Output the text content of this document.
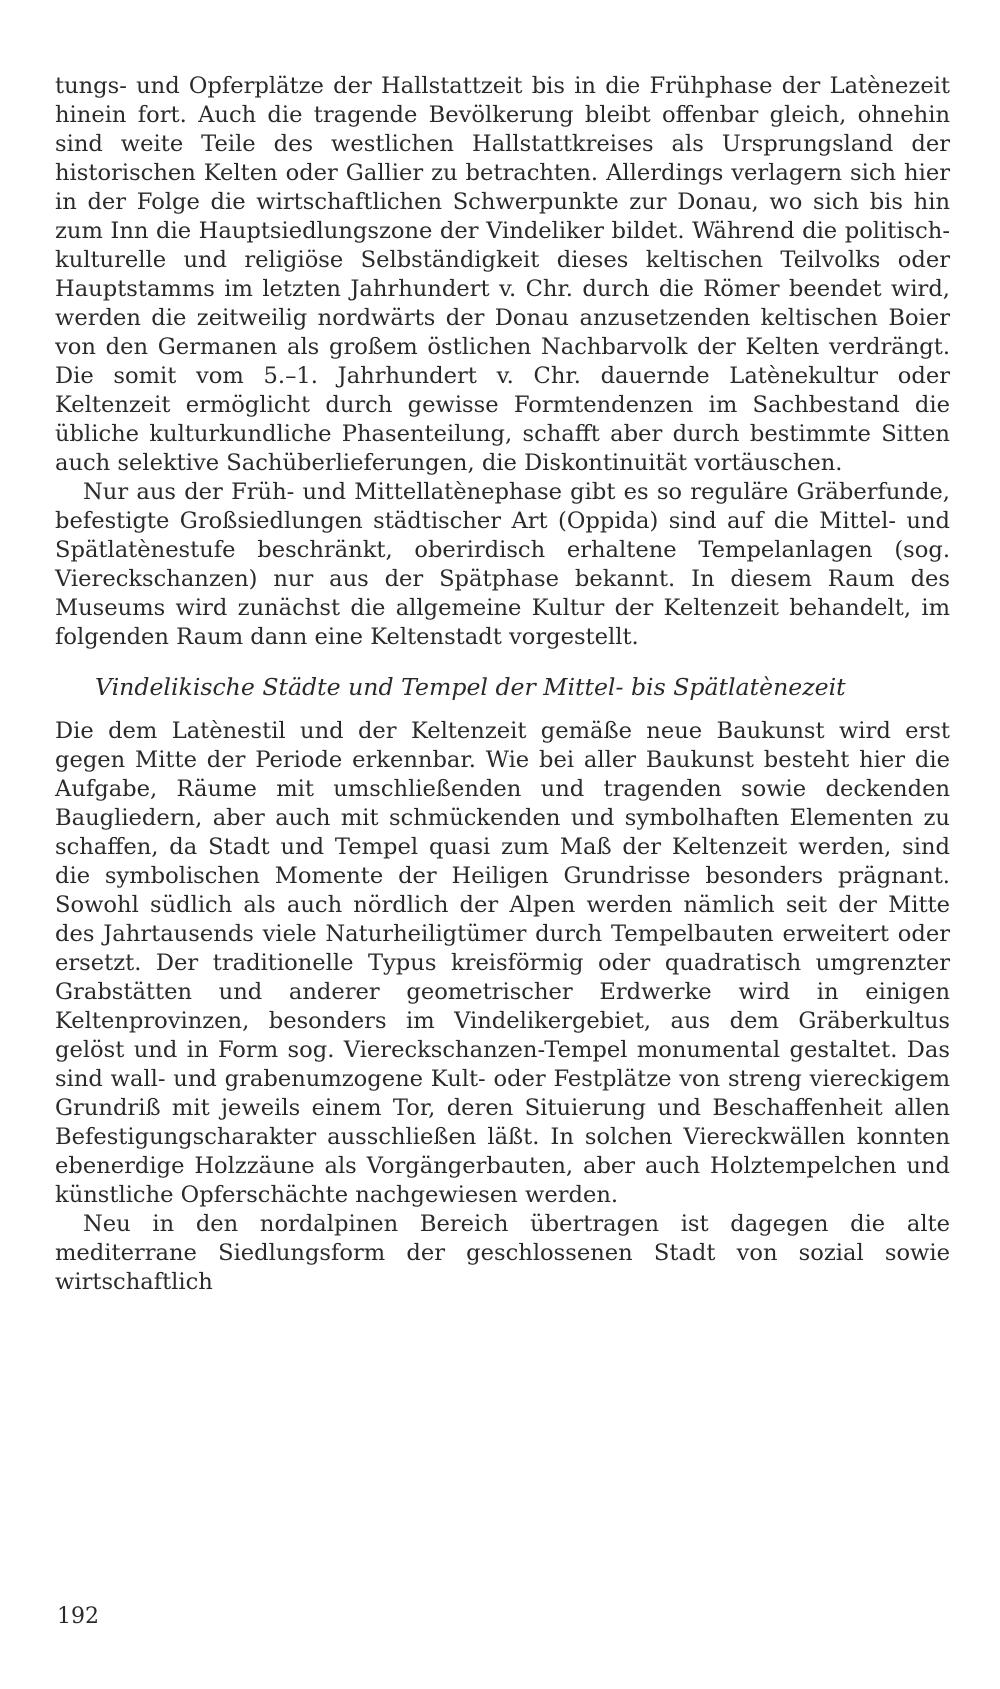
tungs- und Opferplätze der Hallstattzeit bis in die Frühphase der Latènezeit hinein fort. Auch die tragende Bevölkerung bleibt offenbar gleich, ohnehin sind weite Teile des westlichen Hallstattkreises als Ursprungsland der historischen Kelten oder Gallier zu betrachten. Allerdings verlagern sich hier in der Folge die wirtschaftlichen Schwerpunkte zur Donau, wo sich bis hin zum Inn die Hauptsiedlungszone der Vindeliker bildet. Während die politisch-kulturelle und religiöse Selbständigkeit dieses keltischen Teilvolks oder Hauptstamms im letzten Jahrhundert v. Chr. durch die Römer beendet wird, werden die zeitweilig nordwärts der Donau anzusetzenden keltischen Boier von den Germanen als großem östlichen Nachbarvolk der Kelten verdrängt. Die somit vom 5.–1. Jahrhundert v. Chr. dauernde Latènekultur oder Keltenzeit ermöglicht durch gewisse Formtendenzen im Sachbestand die übliche kulturkundliche Phasenteilung, schafft aber durch bestimmte Sitten auch selektive Sachüberlieferungen, die Diskontinuität vortäuschen.

Nur aus der Früh- und Mittellatènephase gibt es so reguläre Gräberfunde, befestigte Großsiedlungen städtischer Art (Oppida) sind auf die Mittel- und Spätlatènestufe beschränkt, oberirdisch erhaltene Tempelanlagen (sog. Viereckschanzen) nur aus der Spätphase bekannt. In diesem Raum des Museums wird zunächst die allgemeine Kultur der Keltenzeit behandelt, im folgenden Raum dann eine Keltenstadt vorgestellt.

Vindelikische Städte und Tempel der Mittel- bis Spätlatènezeit

Die dem Latènestil und der Keltenzeit gemäße neue Baukunst wird erst gegen Mitte der Periode erkennbar. Wie bei aller Baukunst besteht hier die Aufgabe, Räume mit umschließenden und tragenden sowie deckenden Baugliedern, aber auch mit schmückenden und symbolhaften Elementen zu schaffen, da Stadt und Tempel quasi zum Maß der Keltenzeit werden, sind die symbolischen Momente der Heiligen Grundrisse besonders prägnant. Sowohl südlich als auch nördlich der Alpen werden nämlich seit der Mitte des Jahrtausends viele Naturheiligtümer durch Tempelbauten erweitert oder ersetzt. Der traditionelle Typus kreisförmig oder quadratisch umgrenzter Grabstätten und anderer geometrischer Erdwerke wird in einigen Keltenprovinzen, besonders im Vindelikergebiet, aus dem Gräberkultus gelöst und in Form sog. Viereckschanzen-Tempel monumental gestaltet. Das sind wall- und grabenumzogene Kult- oder Festplätze von streng viereckigem Grundriß mit jeweils einem Tor, deren Situierung und Beschaffenheit allen Befestigungscharakter ausschließen läßt. In solchen Viereckwällen konnten ebenerdige Holzzäune als Vorgängerbauten, aber auch Holztempelchen und künstliche Opferschächte nachgewiesen werden.

Neu in den nordalpinen Bereich übertragen ist dagegen die alte mediterrane Siedlungsform der geschlossenen Stadt von sozial sowie wirtschaftlich

192
